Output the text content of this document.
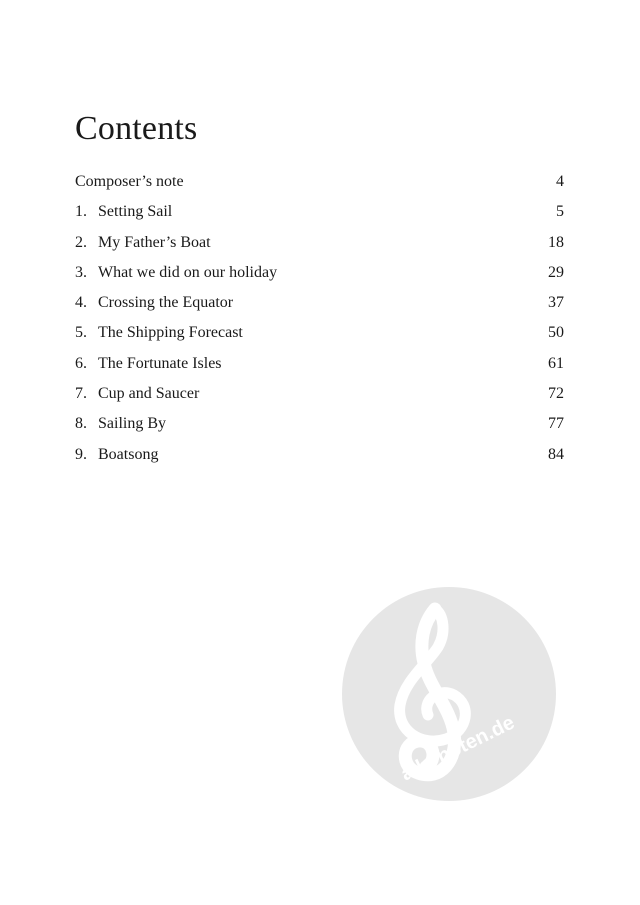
Contents
Composer’s note	4
1. Setting Sail	5
2. My Father’s Boat	18
3. What we did on our holiday	29
4. Crossing the Equator	37
5. The Shipping Forecast	50
6. The Fortunate Isles	61
7. Cup and Saucer	72
8. Sailing By	77
9. Boatsong	84
alle-noten.de
